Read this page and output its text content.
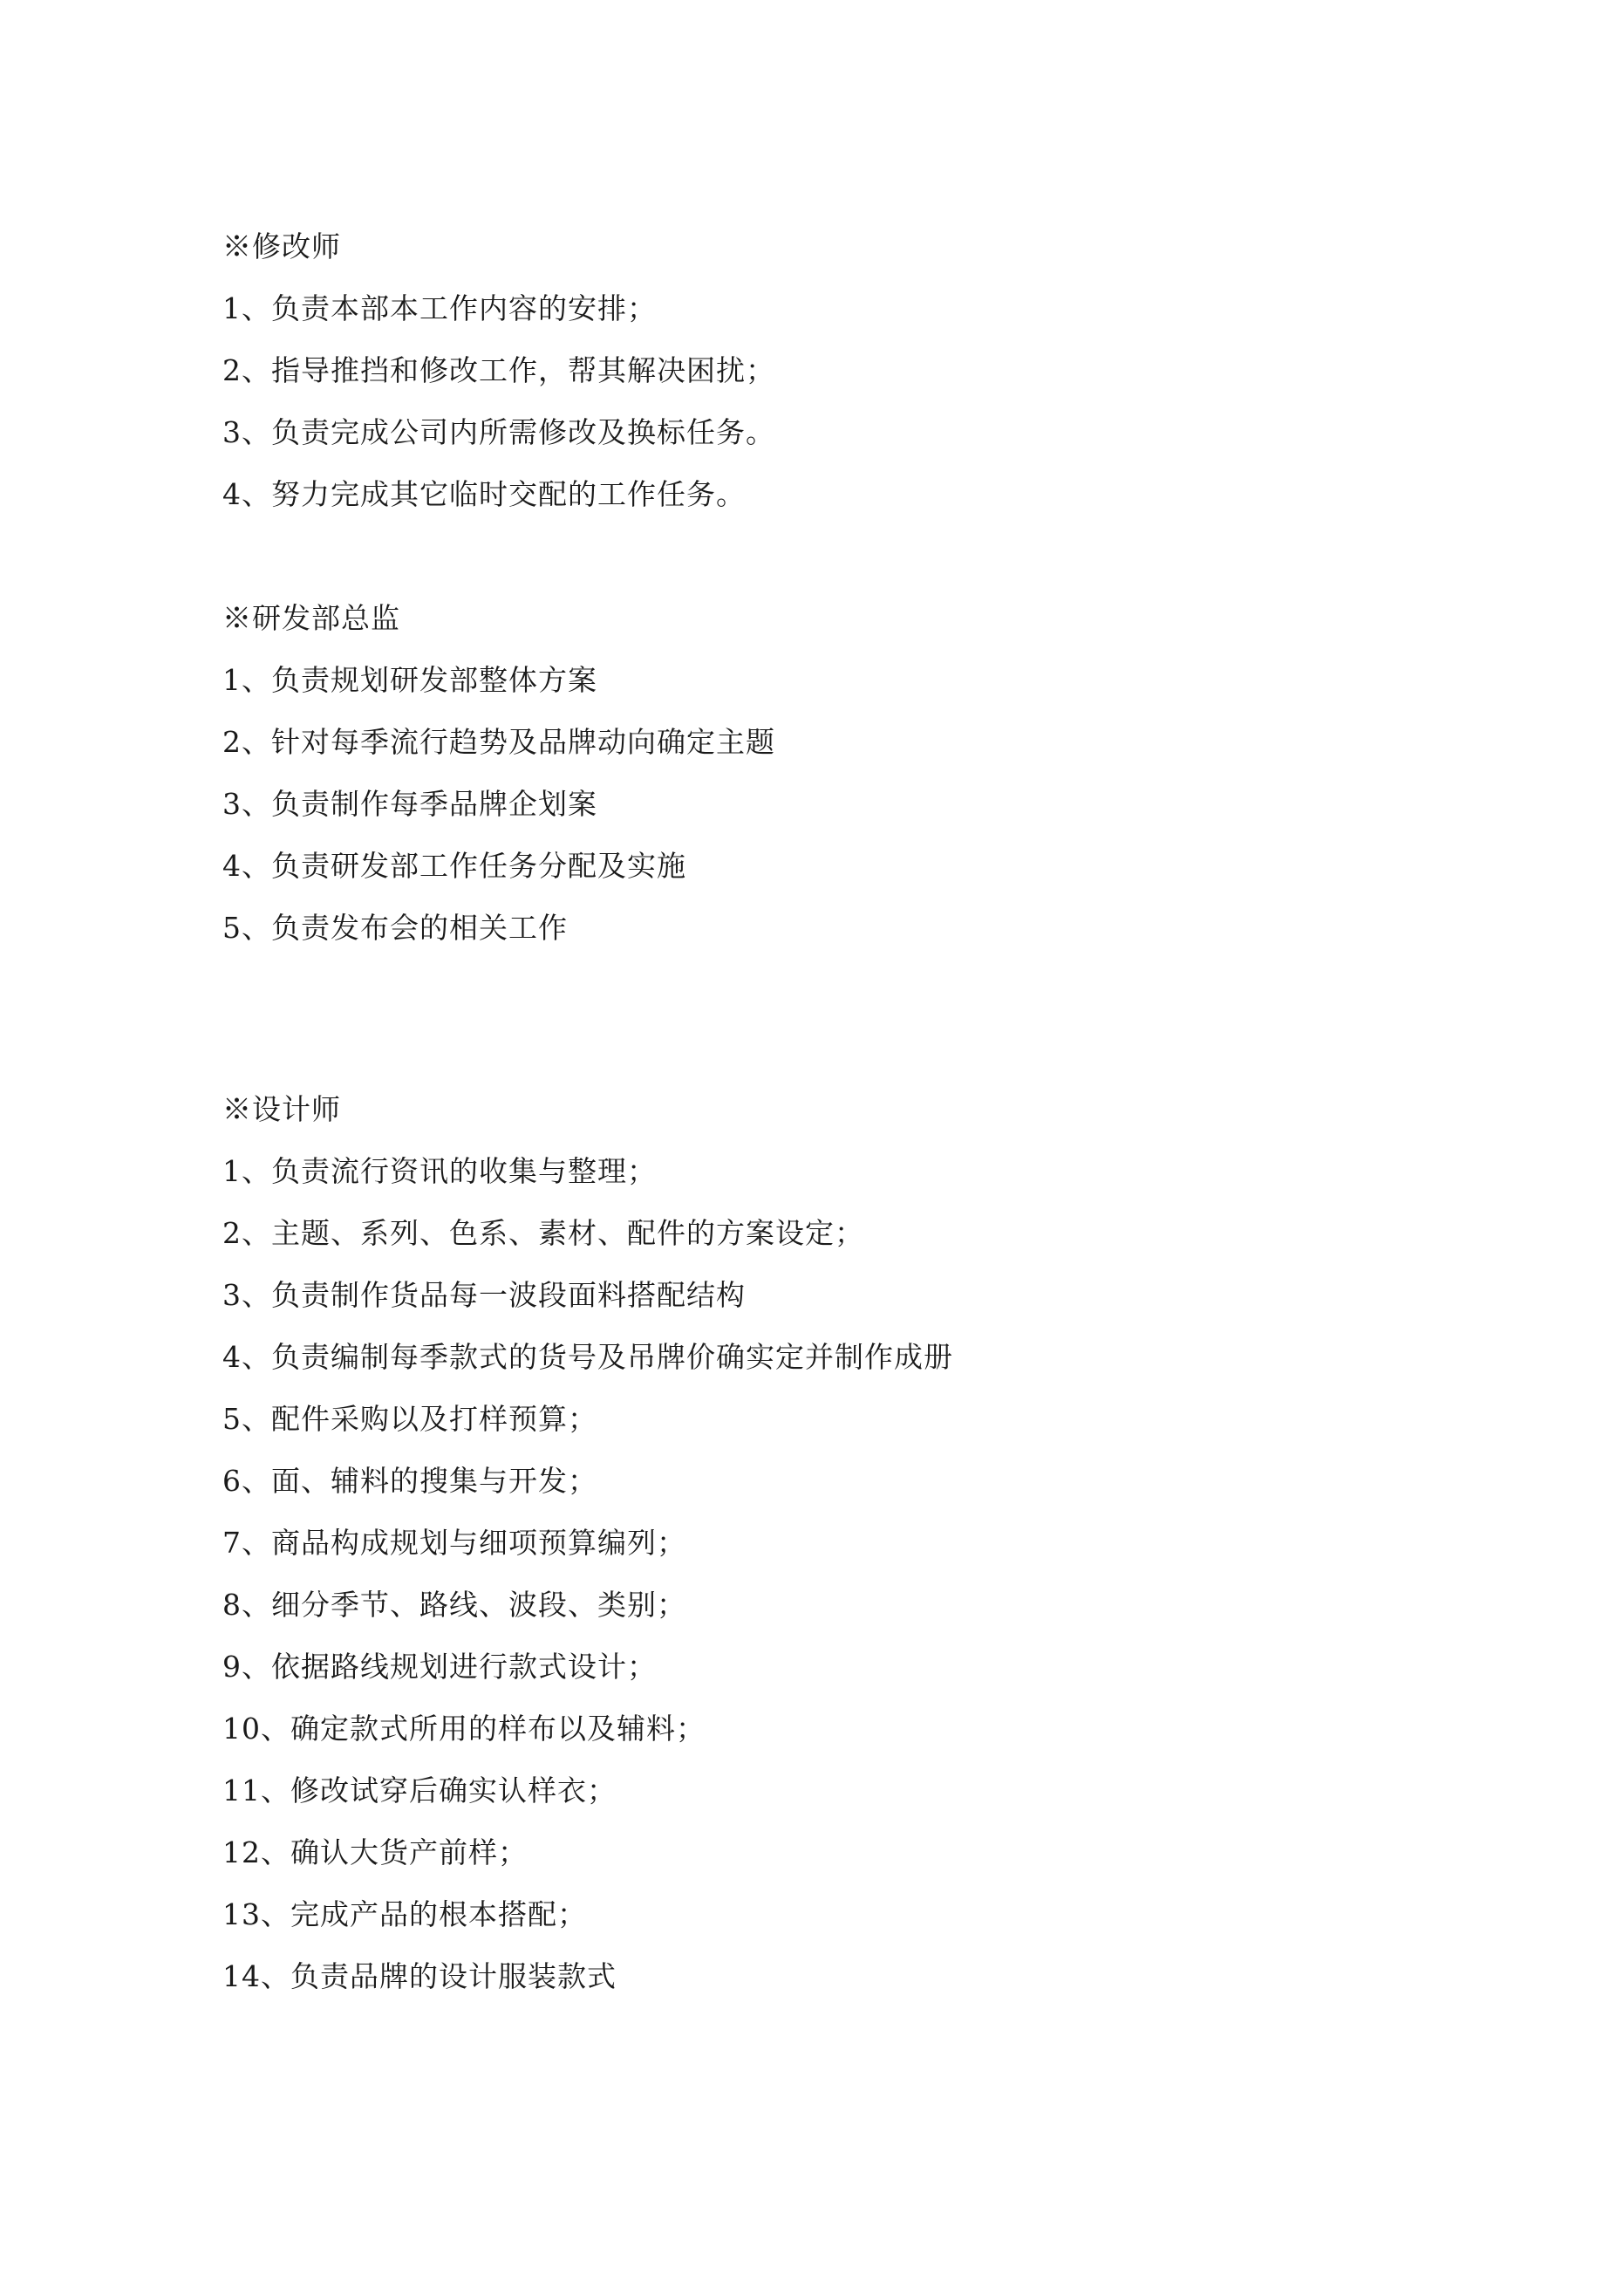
※修改师
1、负责本部本工作内容的安排；
2、指导推挡和修改工作，帮其解决困扰；
3、负责完成公司内所需修改及换标任务。
4、努力完成其它临时交配的工作任务。
※研发部总监
1、负责规划研发部整体方案
2、针对每季流行趋势及品牌动向确定主题
3、负责制作每季品牌企划案
4、负责研发部工作任务分配及实施
5、负责发布会的相关工作
※设计师
1、负责流行资讯的收集与整理；
2、主题、系列、色系、素材、配件的方案设定；
3、负责制作货品每一波段面料搭配结构
4、负责编制每季款式的货号及吊牌价确实定并制作成册
5、配件采购以及打样预算；
6、面、辅料的搜集与开发；
7、商品构成规划与细项预算编列；
8、细分季节、路线、波段、类别；
9、依据路线规划进行款式设计；
10、确定款式所用的样布以及辅料；
11、修改试穿后确实认样衣；
12、确认大货产前样；
13、完成产品的根本搭配；
14、负责品牌的设计服装款式
